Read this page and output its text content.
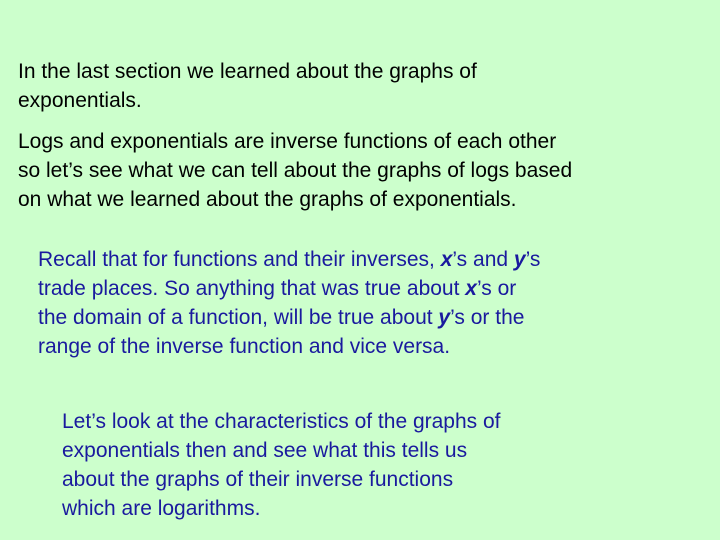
In the last section we learned about the graphs of
exponentials.

Logs and exponentials are inverse functions of each other
so let’s see what we can tell about the graphs of logs based
on what we learned about the graphs of exponentials.

Recall that for functions and their inverses, x’s and y’s
trade places. So anything that was true about x’s or
the domain of a function, will be true about y’s or the
range of the inverse function and vice versa.

Let’s look at the characteristics of the graphs of
exponentials then and see what this tells us
about the graphs of their inverse functions
which are logarithms.
